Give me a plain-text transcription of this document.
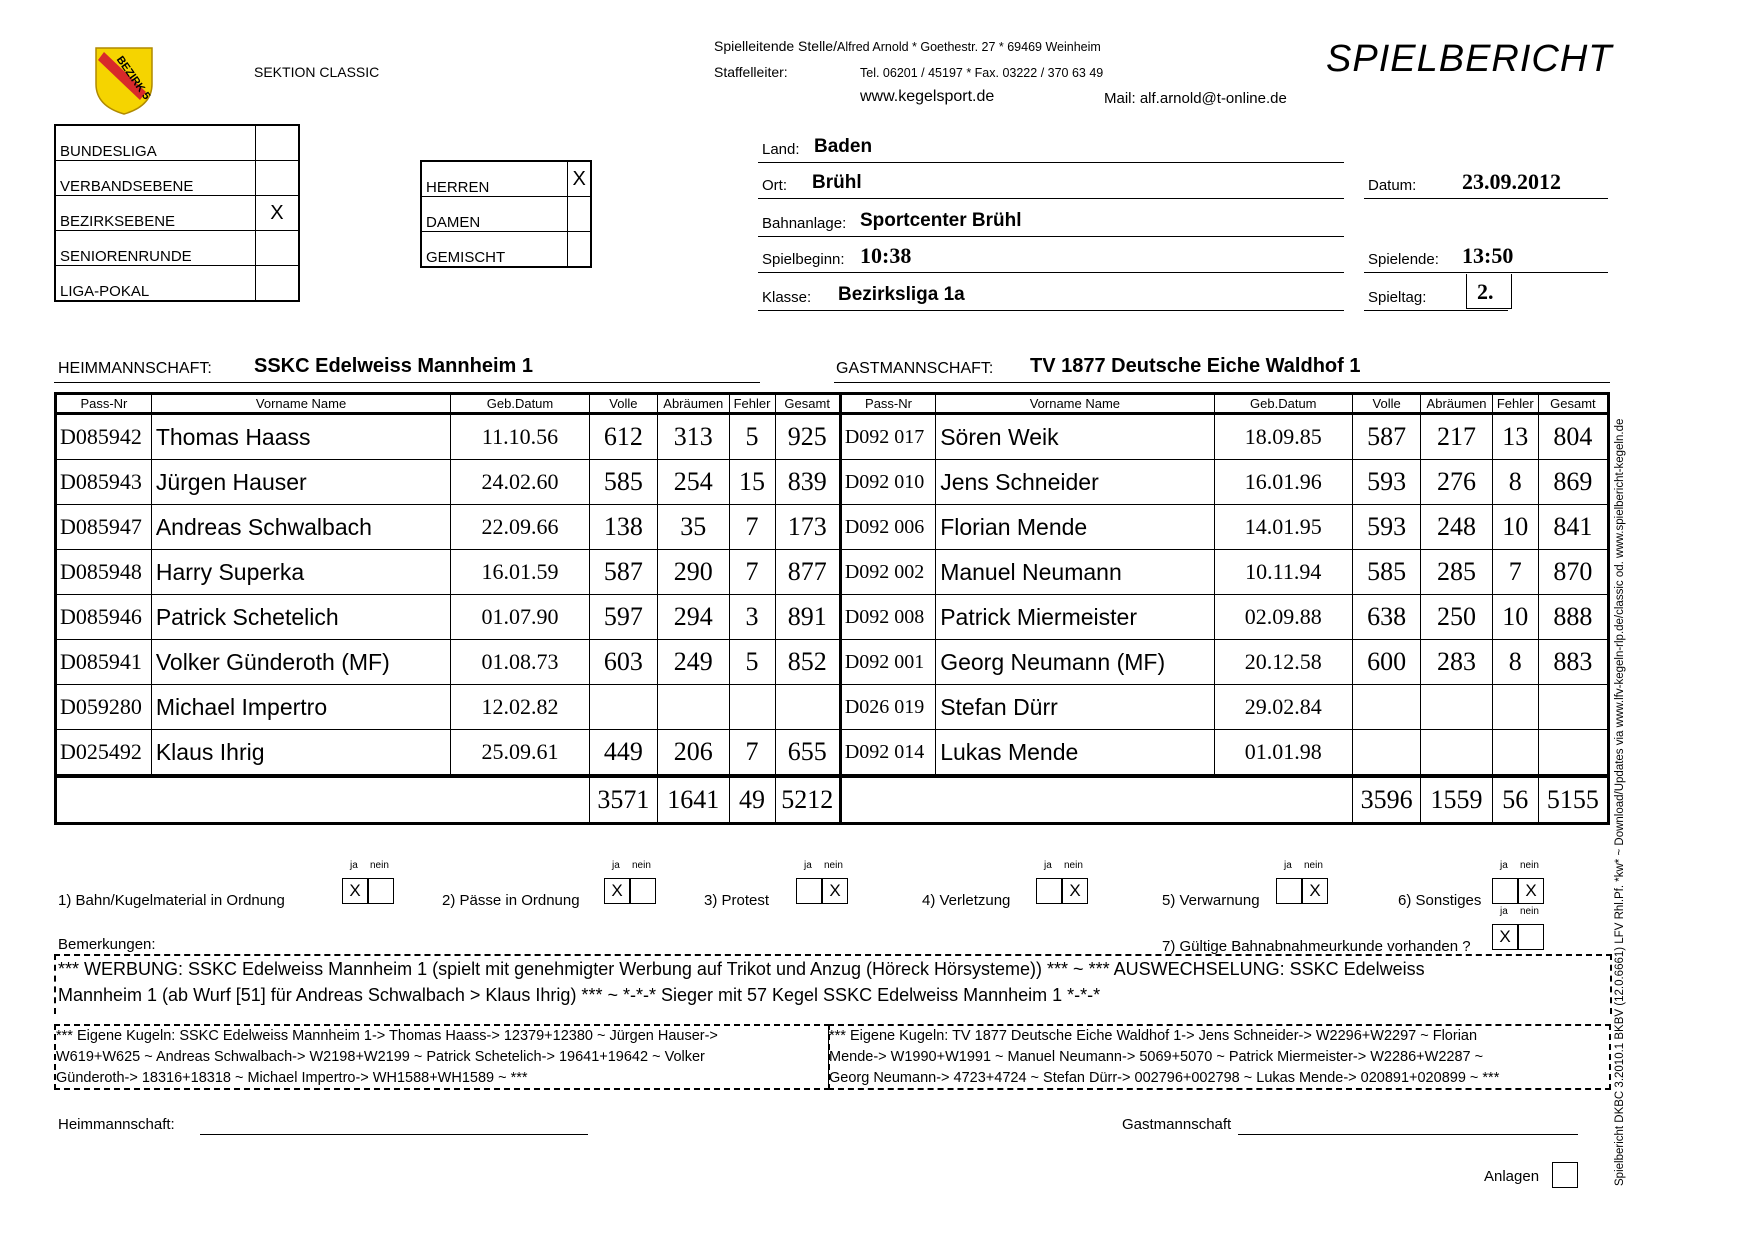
BEZIRK 5	SEKTION CLASSIC
Spielleitende Stelle/Alfred Arnold * Goethestr. 27 * 69469 Weinheim
Staffelleiter:	Tel. 06201 / 45197 * Fax. 03222 / 370 63 49
www.kegelsport.de	Mail: alf.arnold@t-online.de
SPIELBERICHT
BUNDESLIGA	
VERBANDSEBENE	
BEZIRKSEBENE	X
SENIORENRUNDE	
LIGA-POKAL	
HERREN	X
DAMEN	
GEMISCHT	
Land: Baden
Ort: Brühl
Bahnanlage: Sportcenter Brühl
Spielbeginn: 10:38
Klasse: Bezirksliga 1a
Datum: 23.09.2012
Spielende: 13:50
Spieltag: 2.
HEIMMANNSCHAFT: SSKC Edelweiss Mannheim 1	GASTMANNSCHAFT: TV 1877 Deutsche Eiche Waldhof 1
Pass-Nr	Vorname Name	Geb.Datum	Volle	Abräumen	Fehler	Gesamt	Pass-Nr	Vorname Name	Geb.Datum	Volle	Abräumen	Fehler	Gesamt
D085942	Thomas Haass	11.10.56	612	313	5	925	D092 017	Sören Weik	18.09.85	587	217	13	804
D085943	Jürgen Hauser	24.02.60	585	254	15	839	D092 010	Jens Schneider	16.01.96	593	276	8	869
D085947	Andreas Schwalbach	22.09.66	138	35	7	173	D092 006	Florian Mende	14.01.95	593	248	10	841
D085948	Harry Superka	16.01.59	587	290	7	877	D092 002	Manuel Neumann	10.11.94	585	285	7	870
D085946	Patrick Schetelich	01.07.90	597	294	3	891	D092 008	Patrick Miermeister	02.09.88	638	250	10	888
D085941	Volker Günderoth (MF)	01.08.73	603	249	5	852	D092 001	Georg Neumann (MF)	20.12.58	600	283	8	883
D059280	Michael Impertro	12.02.82					D026 019	Stefan Dürr	29.02.84				
D025492	Klaus Ihrig	25.09.61	449	206	7	655	D092 014	Lukas Mende	01.01.98				
			3571	1641	49	5212				3596	1559	56	5155
1) Bahn/Kugelmaterial in Ordnung
ja
X
nein
2) Pässe in Ordnung
ja
X
nein
3) Protest
ja nein
X
4) Verletzung
ja nein
X
5) Verwarnung
ja nein
X
6) Sonstiges
ja nein
X
7) Gültige Bahnabnahmeurkunde vorhanden ?
ja
X
nein
Bemerkungen:
*** WERBUNG: SSKC Edelweiss Mannheim 1 (spielt mit genehmigter Werbung auf Trikot und Anzug (Höreck Hörsysteme)) *** ~ *** AUSWECHSELUNG: SSKC Edelweiss
Mannheim 1 (ab Wurf [51] für Andreas Schwalbach > Klaus Ihrig) *** ~ *-*-* Sieger mit 57 Kegel SSKC Edelweiss Mannheim 1 *-*-*
*** Eigene Kugeln: SSKC Edelweiss Mannheim 1-> Thomas Haass-> 12379+12380 ~ Jürgen Hauser->
W619+W625 ~ Andreas Schwalbach-> W2198+W2199 ~ Patrick Schetelich-> 19641+19642 ~ Volker
Günderoth-> 18316+18318 ~ Michael Impertro-> WH1588+WH1589 ~ ***
*** Eigene Kugeln: TV 1877 Deutsche Eiche Waldhof 1-> Jens Schneider-> W2296+W2297 ~ Florian
Mende-> W1990+W1991 ~ Manuel Neumann-> 5069+5070 ~ Patrick Miermeister-> W2286+W2287 ~
Georg Neumann-> 4723+4724 ~ Stefan Dürr-> 002796+002798 ~ Lukas Mende-> 020891+020899 ~ ***
Heimmannschaft:	Gastmannschaft
Anlagen	Spielbericht DKBC 3.2010.1 BKBV (12.0.6661) LFV Rhl.Pf. *kw* ~ Download/Updates via www.lfv-kegeln-rlp.de/classic od. www.spielbericht-kegeln.de
